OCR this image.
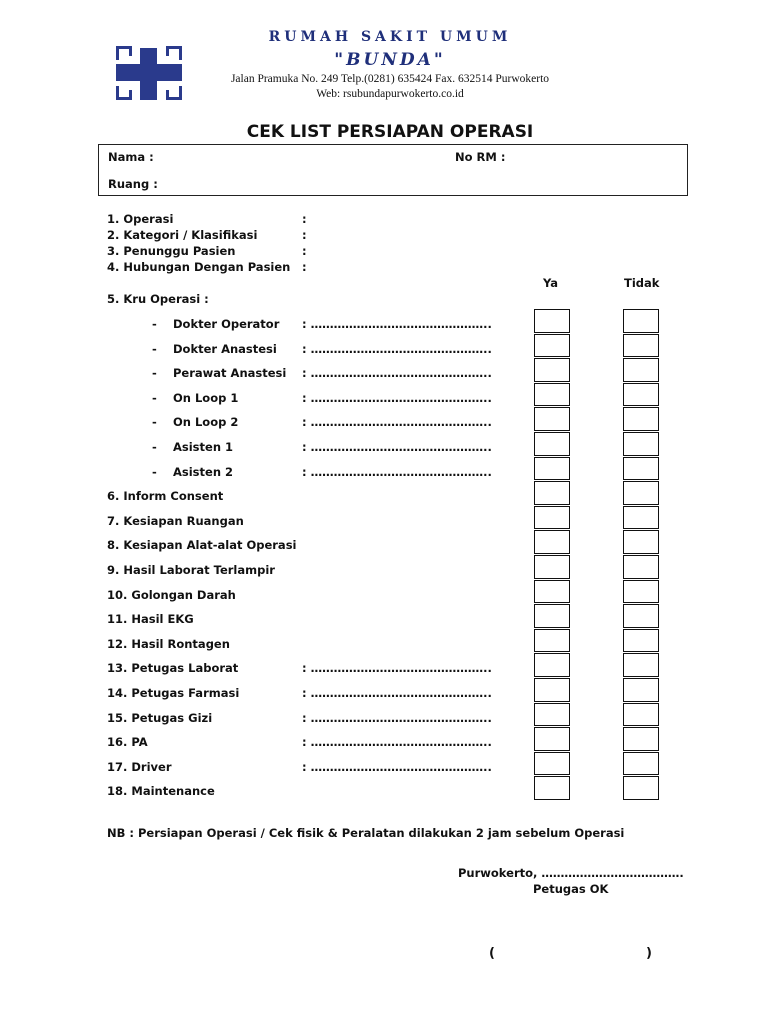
RUMAH SAKIT UMUM
"BUNDA"
Jalan Pramuka No. 249 Telp.(0281) 635424 Fax. 632514 Purwokerto
Web: rsubundapurwokerto.co.id
CEK LIST PERSIAPAN OPERASI
Nama :	No RM :
Ruang :
1. Operasi	:
2. Kategori / Klasifikasi	:
3. Penunggu Pasien	:
4. Hubungan Dengan Pasien :
Ya	Tidak
5. Kru Operasi :
- Dokter Operator : ………………………………………..
- Dokter Anastesi : ………………………………………..
- Perawat Anastesi : ………………………………………..
- On Loop 1	: ………………………………………..
- On Loop 2	: ………………………………………..
- Asisten 1	: ………………………………………..
- Asisten 2	: ………………………………………..
6. Inform Consent
7. Kesiapan Ruangan
8. Kesiapan Alat-alat Operasi
9. Hasil Laborat Terlampir
10. Golongan Darah
11. Hasil EKG
12. Hasil Rontagen
13. Petugas Laborat	: ………………………………………..
14. Petugas Farmasi	: ………………………………………..
15. Petugas Gizi	: ………………………………………..
16. PA	: ………………………………………..
17. Driver	: ………………………………………..
18. Maintenance
NB : Persiapan Operasi / Cek fisik & Peralatan dilakukan 2 jam sebelum Operasi
Purwokerto, ……………………………….
Petugas OK
(	)
